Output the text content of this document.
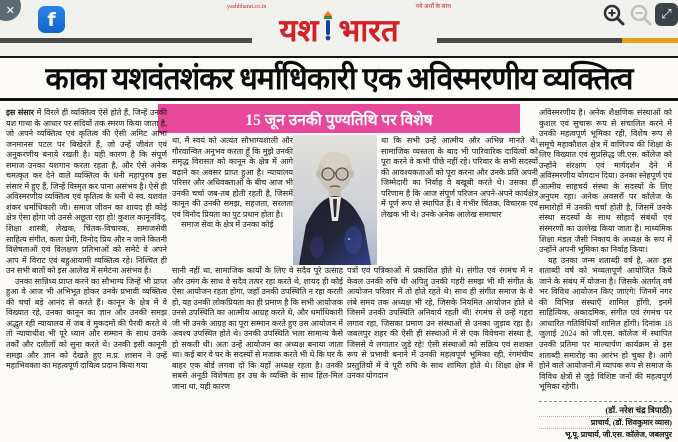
✕ f
yashbharat.co.in	नये अर्थों के साथ
यश भारत	⤢
काका यशवंतशंकर धर्माधिकारी एक अविस्मरणीय व्यक्तित्व
15 जून उनकी पुण्यतिथि पर विशेष

इस संसार में विरले ही व्यक्तित्व ऐसे होते हैं, जिन्हें उनकी यश गाथा के आधार पर सदियों तक स्मरण किया जाता है, जो अपने व्यक्तित्व एवं कृतित्व की ऐसी अमिट आभा जनमानस पटल पर बिखेरते हैं, जो उन्हें जीवंत एवं अनुकरणीय बनाये रखती है। यही कारण है कि संपूर्ण समाज उनका यशगान करता रहता है, और ऐसे अनेक चमत्कृत कर देने वाले व्यक्तित्व के धनी महापुरुष इस संसार में हुए हैं, जिन्हें विस्मृत कर पाना असंभव है। ऐसे ही अविस्मरणीय व्यक्तित्व एवं कृतित्व के धनी थे स्व. यशवंत शंकर धर्माधिकारी जी। समाज जीवन का शायद ही कोई क्षेत्र ऐसा होगा जो उनसे अछूता रहा हो! कुशल कानूनविद्, शिक्षा शास्त्री, लेखक, चिंतक-विचारक, समाजसेवी साहित्य संगीत, कला प्रेमी, विनोद प्रिय और न जाने कितनी विशेषताओं एवं विलक्षण प्रतिभाओं को समेटे वे अपने आप में विराट एवं बहुआयामी व्यक्तित्व रहे। निश्चित ही उन सभी बातों को इस आलेख में समेटना असंभव है।

उनका सान्निध्य प्राप्त करने का सौभाग्य जिन्हें भी प्राप्त हुआ वे आज भी अभिभूत होकर उनके प्रभावी व्यक्तित्व की चर्चा बड़े आनंद से करते हैं। कानून के क्षेत्र में वे विख्यात रहे, उनका कानून का ज्ञान और उनकी समझ अद्भुत रही न्यायालय में जब वे मुकदमों की पैरवी करते थे तो न्यायाधीश भी पूरे ध्यान और सम्मान के साथ उनके तर्कों और दलीलों को सुना करते थे। उनकी इसी कानूनी समझ और ज्ञान को देखते हुए म.प्र. शासन ने उन्हें महाभिवक्ता का महत्वपूर्ण दायित्व प्रदान किया गया

था, मैं स्वयं को अत्यंत सौभाग्यशाली और गौरवान्वित अनुभव करता हूँ कि मुझे उनकी समृद्ध विरासत को कानून के क्षेत्र में आगे बढ़ाने का अवसर प्राप्त हुआ है। न्यायालय परिसर और अधिवक्ताओं के बीच आज भी उनकी चर्चा जब-तब होती रहती है, जिसमें कानून की उनकी समझ, सहजता, सरलता एवं विनोद प्रियता का पुट प्रधान होता है।

समाज सेवा के क्षेत्र में उनका कोई

था कि सभी उन्हें आत्मीय और अभिन्न मानते थे। सामाजिक व्यस्तता के बाद भी पारिवारिक दायित्वों को पूरा करने वे कभी पीछे नहीं रहे। परिवार के सभी सदस्यों की आवश्यकताओं को पूरा करना और उनके प्रति अपनी जिम्मेदारी का निर्वाह वे बखूबी करते थे। उसका ही परिणाम है कि आज संपूर्ण परिजन अपने-अपने कार्यक्षेत्र में पूर्ण रूप से स्थापित हैं। वे गंभीर चिंतक, विचारक एवं लेखक भी थे। उनके अनेक आलेख समाचार

सानी नहीं था, सामाजिक कार्यों के लिए वे सदैव पूरे उत्साह और उमंग के साथ वे सदैव तत्पर रहा करते थे, शायद ही कोई ऐसा आयोजन रहता होगा, जहाँ उनकी उपस्थिति न रहा करती हो, यह उनकी लोकप्रियता का ही प्रमाण है कि सभी आयोजक उनसे उपस्थिति का आत्मीय आग्रह करते थे, और धर्माधिकारी जी भी उनके आग्रह का पूरा सम्मान करते हुए उस आयोजन में अवश्य उपस्थित होते थे। उनकी उपस्थिति भला सामान्य कैसे हो सकती थी। अतः उन्हें आयोजन का अध्यक्ष बनाया जाता था। कई बार वे घर के सदस्यों से मजाक करते भी थे कि घर के बाहर एक बोर्ड लगवा दो कि यहाँ अध्यक्ष रहता है। उनकी सबसे अनूठी विशेषता हर उम्र के व्यक्ति के साथ हिल-मिल जाना था, यही कारण

पत्रों एवं पत्रिकाओं में प्रकाशित होते थे। संगीत एवं रंगमंच में न केवल उनकी रुचि थी अपितु उनकी गहरी समझ भी थी संगीत के आयोजन परिवार में तो होते रहते थे। साथ ही संगीत समाज के वे लंबे समय तक अध्यक्ष भी रहे, जिसके नियमित आयोजन होते थे जिसमें उनकी उपस्थिति अनिवार्य रहती थी! रंगमंच से उन्हें गहरा लगाव रहा, जिसका प्रमाण उन संस्थाओं से उनका जुड़ाव रहा है। जबलपुर शहर की ऐसी ही संस्थाओं में से एक विवेचना संस्था है, जिससे वे लगातार जुड़े रहे! ऐसी संस्थाओं को सक्रिय एवं सशक्त रूप से प्रभावी बनाने में उनकी महत्वपूर्ण भूमिका रही, रंगमंचीय प्रस्तुतियों में वे पूरी रुचि के साथ शामिल होते थे। शिक्षा क्षेत्र में उनका योगदान

अविस्मरणीय है। अनेक शैक्षणिक संस्थाओं को कुशल एवं सुचारू रूप से संचालित करने में उनकी महत्वपूर्ण भूमिका रही, विशेष रूप से समूचे महाकौशल क्षेत्र में वाणिज्य की शिक्षा के लिए विख्यात एवं सुप्रसिद्ध जी.एस. कॉलेज को उन्होंने संरक्षण एवं मार्गदर्शन देने में अविस्मरणीय योगदान दिया। उनका स्नेहपूर्ण एवं आत्मीय साहचर्य संस्था के सदस्यों के लिए अनुपम रहा। अनेक अवसरों पर कॉलेज के समारोहों में उनकी चर्चा होती है, जिसमें उनके संस्था सदस्यों के साथ सोहार्द संबंधों एवं संस्मरणों का उल्लेख किया जाता है। माध्यमिक शिक्षा मंडल जैसी निकाय के अध्यक्ष के रूप में उन्होंने अपनी भूमिका का निर्वाह किया।

यह उनका जन्म शताब्दी वर्ष है, अतः इस शताब्दी वर्ष को भव्यतापूर्ण आयोजित किये जाने के संबंध में योजना है। जिसके अंतर्गत् वर्ष भर विविध आयोजन किए जाएंगे! जिनमें नगर की विभिन्न संस्थाएँ शामिल होंगी, इनमें साहित्यिक, अकादमिक, संगीत एवं रंगमंच पर आधारित गतिविधियाँ शामिल होंगी। दिनांक 18 जुलाई 2024 को जी.एस. कॉलेज में स्थापित उनकी प्रतिमा पर माल्यार्पण कार्यक्रम से इस शताब्दी समारोह का आरंभ हो चुका है। आगे होने वाले आयोजनों में व्यापक रूप से समाज के विविध क्षेत्रों से जुड़े विशिष्ट जनों की महत्वपूर्ण भूमिका रहेगी।

(डॉ. नरेश चंद्र त्रिपाठी)
प्राचार्य, (डॉ. शिवकुमार व्यास)
भू.पू. प्राचार्य, जी.एस. कॉलेज, जबलपुर
